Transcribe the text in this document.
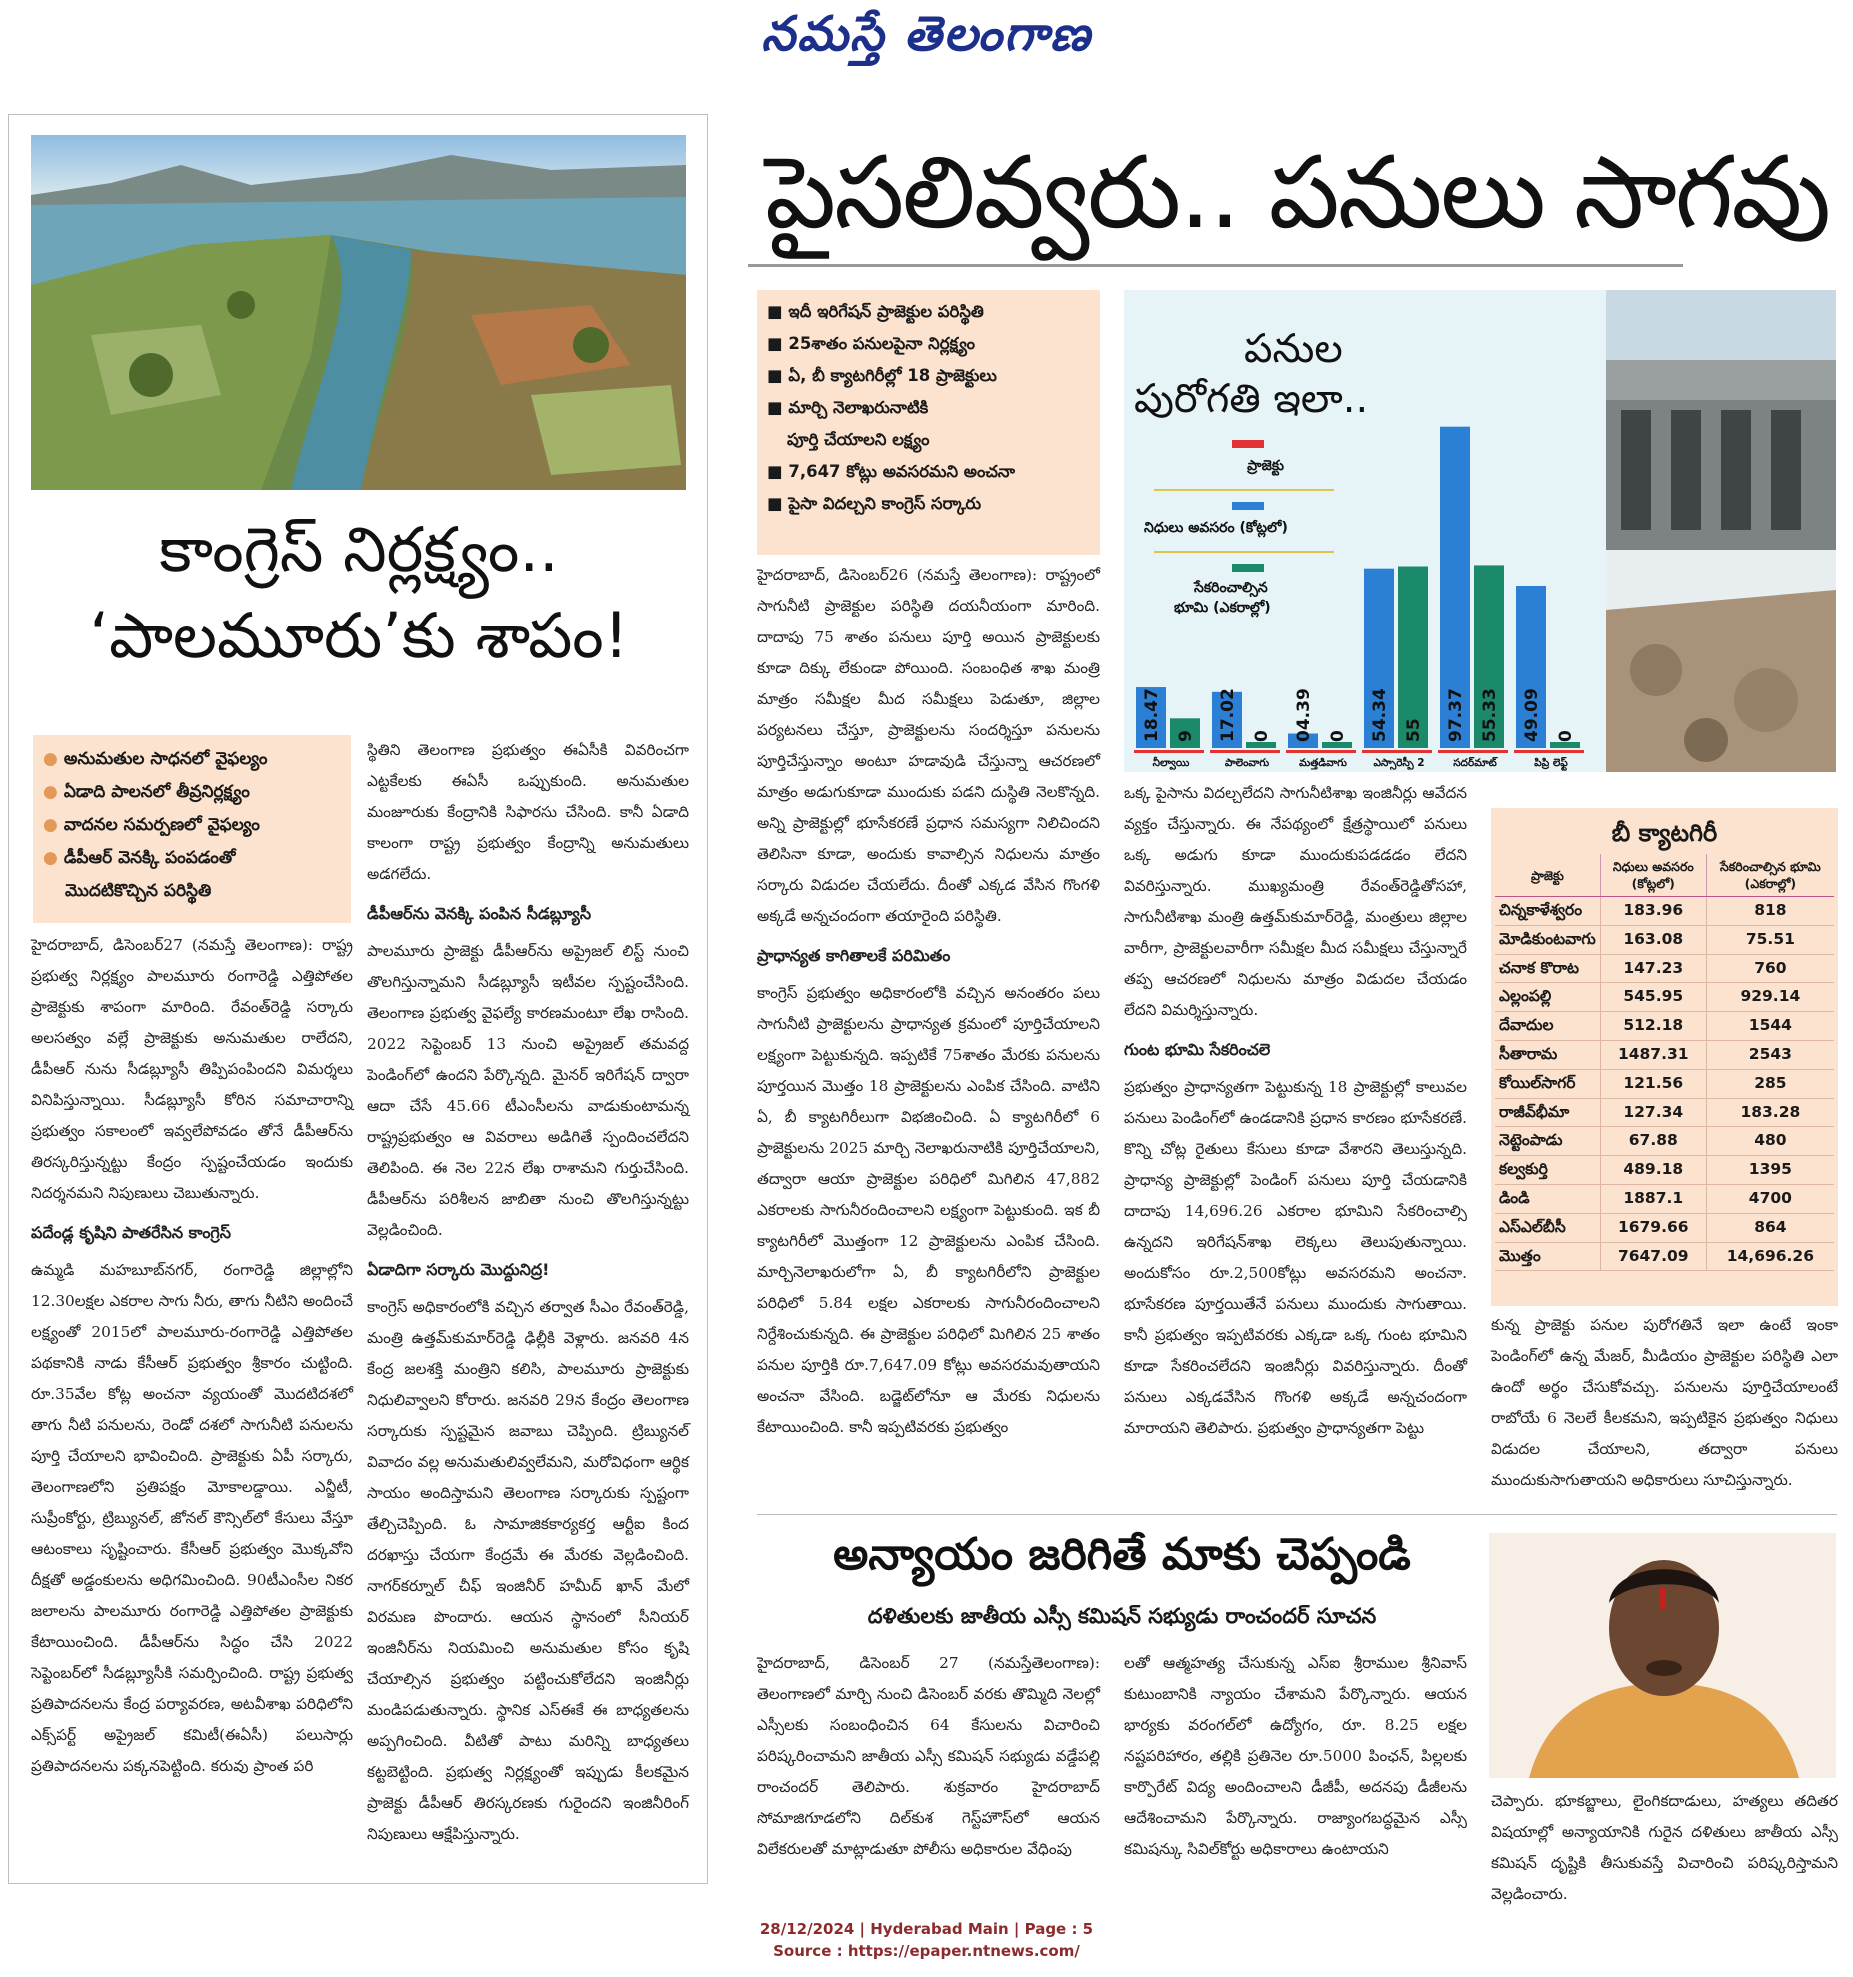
నమస్తే తెలంగాణ
కాంగ్రెస్ నిర్లక్ష్యం..
‘పాలమూరు’కు శాపం!
● అనుమతుల సాధనలో వైఫల్యం
● ఏడాది పాలనలో తీవ్రనిర్లక్ష్యం
● వాదనల సమర్పణలో వైఫల్యం
● డీపీఆర్ వెనక్కి పంపడంతో
మొదటికొచ్చిన పరిస్థితి

హైదరాబాద్, డిసెంబర్27 (నమస్తే తెలంగాణ): రాష్ట్ర ప్రభుత్వ నిర్లక్ష్యం పాలమూరు రంగారెడ్డి ఎత్తిపోతల ప్రాజెక్టుకు శాపంగా మారింది. రేవంత్‌రెడ్డి సర్కారు అలసత్వం వల్లే ప్రాజెక్టుకు అనుమతుల రాలేదని, డీపీఆర్ నును సీడబ్ల్యూసీ తిప్పిపంపిందని విమర్శలు వినిపిస్తున్నాయి. సీడబ్ల్యూసీ కోరిన సమాచారాన్ని ప్రభుత్వం సకాలంలో ఇవ్వలేపోవడం తోనే డీపీఆర్‌ను తిరస్కరిస్తున్నట్టు కేంద్రం స్పష్టంచేయడం ఇందుకు నిదర్శనమని నిపుణులు చెబుతున్నారు.

పదేండ్ల కృషిని పాతరేసిన కాంగ్రెస్

ఉమ్మడి మహబూబ్‌నగర్, రంగారెడ్డి జిల్లాల్లోని 12.30లక్షల ఎకరాల సాగు నీరు, తాగు నీటిని అందించే లక్ష్యంతో 2015లో పాలమూరు-రంగారెడ్డి ఎత్తిపోతల పథకానికి నాడు కేసీఆర్ ప్రభుత్వం శ్రీకారం చుట్టింది. రూ.35వేల కోట్ల అంచనా వ్యయంతో మొదటిదశలో తాగు నీటి పనులను, రెండో దశలో సాగునీటి పనులను పూర్తి చేయాలని భావించింది. ప్రాజెక్టుకు ఏపీ సర్కారు, తెలంగాణలోని ప్రతిపక్షం మోకాలడ్డాయి. ఎన్జీటీ, సుప్రీంకోర్టు, ట్రిబ్యునల్, జోనల్ కౌన్సిల్‌లో కేసులు వేస్తూ ఆటంకాలు సృష్టించారు. కేసీఆర్ ప్రభుత్వం మొక్కవోని దీక్షతో అడ్డంకులను అధిగమించింది. 90టీఎంసీల నికర జలాలను పాలమూరు రంగారెడ్డి ఎత్తిపోతల ప్రాజెక్టుకు కేటాయించింది. డీపీఆర్‌ను సిద్ధం చేసి 2022 సెప్టెంబర్‌లో సీడబ్ల్యూసీకి సమర్పించింది. రాష్ట్ర ప్రభుత్వ ప్రతిపాదనలను కేంద్ర పర్యావరణ, అటవీశాఖ పరిధిలోని ఎక్స్‌పర్ట్ అప్రైజల్ కమిటీ(ఈఏసీ) పలుసార్లు ప్రతిపాదనలను పక్కనపెట్టింది. కరువు ప్రాంత పరి

స్థితిని తెలంగాణ ప్రభుత్వం ఈఏసీకి వివరించగా ఎట్టకేలకు ఈఏసీ ఒప్పుకుంది. అనుమతుల మంజూరుకు కేంద్రానికి సిఫారసు చేసింది. కానీ ఏడాది కాలంగా రాష్ట్ర ప్రభుత్వం కేంద్రాన్ని అనుమతులు అడగలేదు.

డీపీఆర్‌ను వెనక్కి పంపిన సీడబ్ల్యూసీ

పాలమూరు ప్రాజెక్టు డీపీఆర్‌ను అప్రైజల్ లిస్ట్ నుంచి తొలగిస్తున్నామని సీడబ్ల్యూసీ ఇటీవల స్పష్టంచేసింది. తెలంగాణ ప్రభుత్వ వైఫల్యే కారణమంటూ లేఖ రాసింది. 2022 సెప్టెంబర్ 13 నుంచి అప్రైజల్ తమవద్ద పెండింగ్‌లో ఉందని పేర్కొన్నది. మైనర్ ఇరిగేషన్ ద్వారా ఆదా చేసే 45.66 టీఎంసీలను వాడుకుంటామన్న రాష్ట్రప్రభుత్వం ఆ వివరాలు అడిగితే స్పందించలేదని తెలిపింది. ఈ నెల 22న లేఖ రాశామని గుర్తుచేసింది. డీపీఆర్‌ను పరిశీలన జాబితా నుంచి తొలగిస్తున్నట్టు వెల్లడించింది.

ఏడాదిగా సర్కారు మొద్దునిద్ర!

కాంగ్రెస్ అధికారంలోకి వచ్చిన తర్వాత సీఎం రేవంత్‌రెడ్డి, మంత్రి ఉత్తమ్‌కుమార్‌రెడ్డి ఢిల్లీకి వెళ్లారు. జనవరి 4న కేంద్ర జలశక్తి మంత్రిని కలిసి, పాలమూరు ప్రాజెక్టుకు నిధులివ్వాలని కోరారు. జనవరి 29న కేంద్రం తెలంగాణ సర్కారుకు స్పష్టమైన జవాబు చెప్పింది. ట్రిబ్యునల్ వివాదం వల్ల అనుమతులివ్వలేమని, మరోవిధంగా ఆర్థిక సాయం అందిస్తామని తెలంగాణ సర్కారుకు స్పష్టంగా తేల్చిచెప్పింది. ఓ సామాజికకార్యకర్త ఆర్టీఐ కింద దరఖాస్తు చేయగా కేంద్రమే ఈ మేరకు వెల్లడించింది. నాగర్‌కర్నూల్ చీఫ్ ఇంజినీర్ హమీద్ ఖాన్ మేలో విరమణ పొందారు. ఆయన స్థానంలో సీనియర్ ఇంజినీర్‌ను నియమించి అనుమతుల కోసం కృషి చేయాల్సిన ప్రభుత్వం పట్టించుకోలేదని ఇంజినీర్లు మండిపడుతున్నారు. స్థానిక ఎస్‌ఈకే ఈ బాధ్యతలను అప్పగించింది. వీటితో పాటు మరిన్ని బాధ్యతలు కట్టబెట్టింది. ప్రభుత్వ నిర్లక్ష్యంతో ఇప్పుడు కీలకమైన ప్రాజెక్టు డీపీఆర్ తిరస్కరణకు గురైందని ఇంజినీరింగ్ నిపుణులు ఆక్షేపిస్తున్నారు.

పైసలివ్వరు.. పనులు సాగవు
■ ఇదీ ఇరిగేషన్ ప్రాజెక్టుల పరిస్థితి
■ 25శాతం పనులపైనా నిర్లక్ష్యం
■ ఏ, బీ క్యాటగిరీల్లో 18 ప్రాజెక్టులు
■ మార్చి నెలాఖరునాటికి
పూర్తి చేయాలని లక్ష్యం
■ 7,647 కోట్లు అవసరమని అంచనా
■ పైసా విదల్చని కాంగ్రెస్ సర్కారు
పనుల
పురోగతి ఇలా..
ప్రాజెక్టు
నిధులు అవసరం (కోట్లలో)
సేకరించాల్సిన
భూమి (ఎకరాల్లో)
18.47 9
నీల్వాయి
17.02 0
పాలెంవాగు
04.39 0
మత్తడివాగు
54.34 55
ఎస్సారెస్పీ 2
97.37 55.33
సదర్‌మాట్
49.09 0
పిప్రి లెఫ్ట్

హైదరాబాద్, డిసెంబర్26 (నమస్తే తెలంగాణ): రాష్ట్రంలో సాగునీటి ప్రాజెక్టుల పరిస్థితి దయనీయంగా మారింది. దాదాపు 75 శాతం పనులు పూర్తి అయిన ప్రాజెక్టులకు కూడా దిక్కు లేకుండా పోయింది. సంబంధిత శాఖ మంత్రి మాత్రం సమీక్షల మీద సమీక్షలు పెడుతూ, జిల్లాల పర్యటనలు చేస్తూ, ప్రాజెక్టులను సందర్శిస్తూ పనులను పూర్తిచేస్తున్నాం అంటూ హడావుడి చేస్తున్నా ఆచరణలో మాత్రం అడుగుకూడా ముందుకు పడని దుస్థితి నెలకొన్నది. అన్ని ప్రాజెక్టుల్లో భూసేకరణే ప్రధాన సమస్యగా నిలిచిందని తెలిసినా కూడా, అందుకు కావాల్సిన నిధులను మాత్రం సర్కారు విడుదల చేయలేదు. దీంతో ఎక్కడ వేసిన గొంగళి అక్కడే అన్నచందంగా తయారైంది పరిస్థితి.

ప్రాధాన్యత కాగితాలకే పరిమితం

కాంగ్రెస్ ప్రభుత్వం అధికారంలోకి వచ్చిన అనంతరం పలు సాగునీటి ప్రాజెక్టులను ప్రాధాన్యత క్రమంలో పూర్తిచేయాలని లక్ష్యంగా పెట్టుకున్నది. ఇప్పటికే 75శాతం మేరకు పనులను పూర్తయిన మొత్తం 18 ప్రాజెక్టులను ఎంపిక చేసింది. వాటిని ఏ, బీ క్యాటగిరీలుగా విభజించింది. ఏ క్యాటగిరీలో 6 ప్రాజెక్టులను 2025 మార్చి నెలాఖరునాటికి పూర్తిచేయాలని, తద్వారా ఆయా ప్రాజెక్టుల పరిధిలో మిగిలిన 47,882 ఎకరాలకు సాగునీరందించాలని లక్ష్యంగా పెట్టుకుంది. ఇక బీ క్యాటగిరీలో మొత్తంగా 12 ప్రాజెక్టులను ఎంపిక చేసింది. మార్చినెలాఖరులోగా ఏ, బీ క్యాటగిరీలోని ప్రాజెక్టుల పరిధిలో 5.84 లక్షల ఎకరాలకు సాగునీరందించాలని నిర్దేశించుకున్నది. ఈ ప్రాజెక్టుల పరిధిలో మిగిలిన 25 శాతం పనుల పూర్తికి రూ.7,647.09 కోట్లు అవసరమవుతాయని అంచనా వేసింది. బడ్జెట్‌లోనూ ఆ మేరకు నిధులను కేటాయించింది. కానీ ఇప్పటివరకు ప్రభుత్వం

ఒక్క పైసాను విదల్చలేదని సాగునీటిశాఖ ఇంజినీర్లు ఆవేదన వ్యక్తం చేస్తున్నారు. ఈ నేపథ్యంలో క్షేత్రస్థాయిలో పనులు ఒక్క అడుగు కూడా ముందుకుపడడడం లేదని వివరిస్తున్నారు. ముఖ్యమంత్రి రేవంత్‌రెడ్డితోసహా, సాగునీటిశాఖ మంత్రి ఉత్తమ్‌కుమార్‌రెడ్డి, మంత్రులు జిల్లాల వారీగా, ప్రాజెక్టులవారీగా సమీక్షల మీద సమీక్షలు చేస్తున్నారే తప్ప ఆచరణలో నిధులను మాత్రం విడుదల చేయడం లేదని విమర్శిస్తున్నారు.

గుంట భూమి సేకరించలె

ప్రభుత్వం ప్రాధాన్యతగా పెట్టుకున్న 18 ప్రాజెక్టుల్లో కాలువల పనులు పెండింగ్‌లో ఉండడానికి ప్రధాన కారణం భూసేకరణే. కొన్ని చోట్ల రైతులు కేసులు కూడా వేశారని తెలుస్తున్నది. ప్రాధాన్య ప్రాజెక్టుల్లో పెండింగ్ పనులు పూర్తి చేయడానికి దాదాపు 14,696.26 ఎకరాల భూమిని సేకరించాల్సి ఉన్నదని ఇరిగేషన్‌శాఖ లెక్కలు తెలుపుతున్నాయి. అందుకోసం రూ.2,500కోట్లు అవసరమని అంచనా. భూసేకరణ పూర్తయితేనే పనులు ముందుకు సాగుతాయి. కానీ ప్రభుత్వం ఇప్పటివరకు ఎక్కడా ఒక్క గుంట భూమిని కూడా సేకరించలేదని ఇంజినీర్లు వివరిస్తున్నారు. దీంతో పనులు ఎక్కడవేసిన గొంగళి అక్కడే అన్నచందంగా మారాయని తెలిపారు. ప్రభుత్వం ప్రాధాన్యతగా పెట్టు

బీ క్యాటగిరీ
ప్రాజెక్టు	నిధులు అవసరం (కోట్లలో)	సేకరించాల్సిన భూమి (ఎకరాల్లో)
చిన్నకాళేశ్వరం	183.96	818
మోడికుంటవాగు	163.08	75.51
చనాక కొరాట	147.23	760
ఎల్లంపల్లి	545.95	929.14
దేవాదుల	512.18	1544
సీతారామ	1487.31	2543
కోయిల్‌సాగర్	121.56	285
రాజీవ్‌భీమా	127.34	183.28
నెట్టెంపాడు	67.88	480
కల్వకుర్తి	489.18	1395
డిండి	1887.1	4700
ఎస్ఎల్‌బీసీ	1679.66	864
మొత్తం	7647.09	14,696.26

కున్న ప్రాజెక్టు పనుల పురోగతినే ఇలా ఉంటే ఇంకా పెండింగ్‌లో ఉన్న మేజర్, మీడియం ప్రాజెక్టుల పరిస్థితి ఎలా ఉందో అర్థం చేసుకోవచ్చు. పనులను పూర్తిచేయాలంటే రాబోయే 6 నెలలే కీలకమని, ఇప్పటికైన ప్రభుత్వం నిధులు విడుదల చేయాలని, తద్వారా పనులు ముందుకుసాగుతాయని అధికారులు సూచిస్తున్నారు.

అన్యాయం జరిగితే మాకు చెప్పండి
దళితులకు జాతీయ ఎస్సీ కమిషన్ సభ్యుడు రాంచందర్ సూచన

హైదరాబాద్, డిసెంబర్ 27 (నమస్తేతెలంగాణ): తెలంగాణలో మార్చి నుంచి డిసెంబర్ వరకు తొమ్మిది నెలల్లో ఎస్సీలకు సంబంధించిన 64 కేసులను విచారించి పరిష్కరించామని జాతీయ ఎస్సీ కమిషన్ సభ్యుడు వడ్డేపల్లి రాంచందర్ తెలిపారు. శుక్రవారం హైదరాబాద్ సోమాజిగూడలోని దిల్‌కుశ గెస్ట్‌హౌస్‌లో ఆయన విలేకరులతో మాట్లాడుతూ పోలీసు అధికారుల వేధింపు

లతో ఆత్మహత్య చేసుకున్న ఎస్ఐ శ్రీరాముల శ్రీనివాస్ కుటుంబానికి న్యాయం చేశామని పేర్కొన్నారు. ఆయన భార్యకు వరంగల్‌లో ఉద్యోగం, రూ. 8.25 లక్షల నష్టపరిహారం, తల్లికి ప్రతినెల రూ.5000 పింఛన్, పిల్లలకు కార్పొరేట్ విద్య అందించాలని డీజీపీ, అదనపు డీజీలను ఆదేశించామని పేర్కొన్నారు. రాజ్యాంగబద్ధమైన ఎస్సీ కమిషన్కు సివిల్‌కోర్టు అధికారాలు ఉంటాయని

చెప్పారు. భూకబ్జాలు, లైంగికదాడులు, హత్యలు తదితర విషయాల్లో అన్యాయానికి గురైన దళితులు జాతీయ ఎస్సీ కమిషన్ దృష్టికి తీసుకువస్తే విచారించి పరిష్కరిస్తామని వెల్లడించారు.

28/12/2024 | Hyderabad Main | Page : 5
Source : https://epaper.ntnews.com/
